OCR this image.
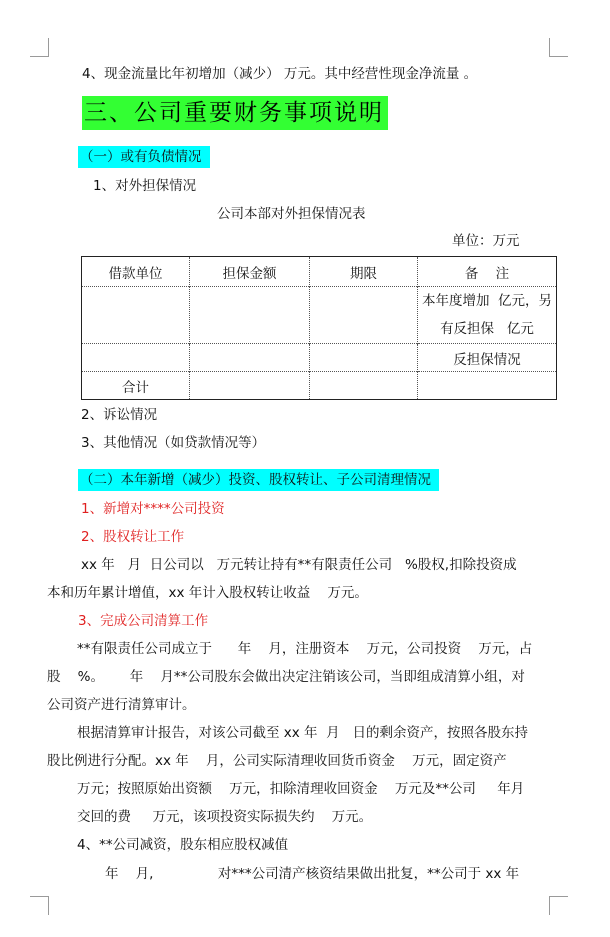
4、现金流量比年初增加（减少） 万元。其中经营性现金净流量 。
三、公司重要财务事项说明
（一）或有负债情况
1、对外担保情况
公司本部对外担保情况表
单位：万元
借款单位	担保金额	期限	备    注

			本年度增加  亿元，另
有反担保   亿元

			反担保情况
合计			
2、诉讼情况
3、其他情况（如贷款情况等）
（二）本年新增（减少）投资、股权转让、子公司清理情况
1、新增对****公司投资
2、股权转让工作
xx 年   月  日公司以   万元转让持有**有限责任公司   %股权,扣除投资成
本和历年累计增值，xx 年计入股权转让收益    万元。
3、完成公司清算工作
**有限责任公司成立于      年    月，注册资本    万元，公司投资    万元，占
股    %。      年    月**公司股东会做出决定注销该公司，当即组成清算小组，对
公司资产进行清算审计。
根据清算审计报告，对该公司截至 xx 年  月   日的剩余资产，按照各股东持
股比例进行分配。xx 年    月，公司实际清理收回货币资金    万元，固定资产
万元；按照原始出资额    万元，扣除清理收回资金    万元及**公司     年月
交回的费     万元，该项投资实际损失约    万元。
4、**公司减资，股东相应股权减值
年    月,               对***公司清产核资结果做出批复，**公司于 xx 年
